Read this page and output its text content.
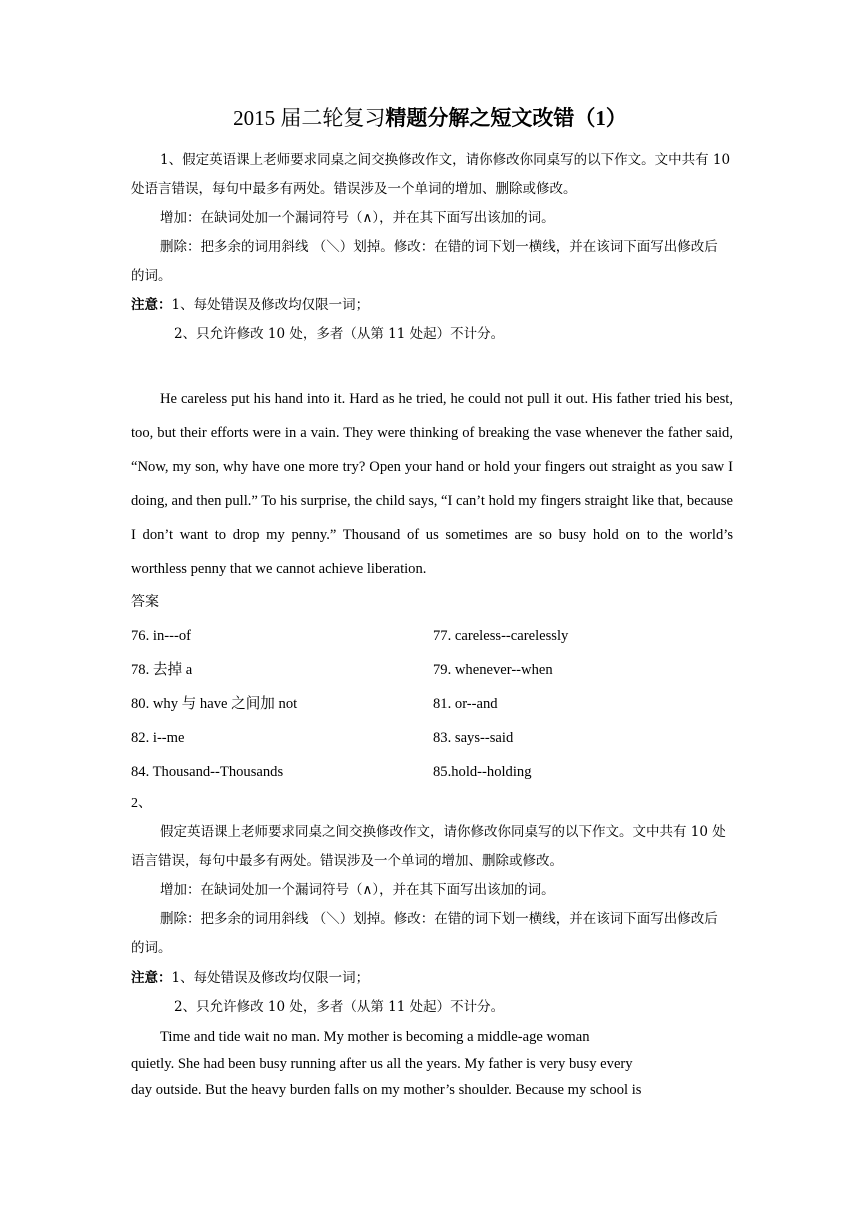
2015 届二轮复习精题分解之短文改错（1）
1、假定英语课上老师要求同桌之间交换修改作文，请你修改你同桌写的以下作文。文中共有 10 处语言错误，每句中最多有两处。错误涉及一个单词的增加、删除或修改。
增加：在缺词处加一个漏词符号（∧），并在其下面写出该加的词。
删除：把多余的词用斜线 （＼）划掉。修改：在错的词下划一横线，并在该词下面写出修改后的词。
注意：1、每处错误及修改均仅限一词；
2、只允许修改 10 处，多者（从第 11 处起）不计分。
He careless put his hand into it. Hard as he tried, he could not pull it out. His father tried his best, too, but their efforts were in a vain. They were thinking of breaking the vase whenever the father said, “Now, my son, why have one more try? Open your hand or hold your fingers out straight as you saw I doing, and then pull.” To his surprise, the child says, “I can’t hold my fingers straight like that, because I don’t want to drop my penny.” Thousand of us sometimes are so busy hold on to the world’s worthless penny that we cannot achieve liberation.
答案
76. in---of	77. careless--carelessly
78. 去掉 a	79. whenever--when
80. why 与 have 之间加 not	81. or--and
82. i--me	83. says--said
84. Thousand--Thousands	85.hold--holding
2、
假定英语课上老师要求同桌之间交换修改作文，请你修改你同桌写的以下作文。文中共有 10 处语言错误，每句中最多有两处。错误涉及一个单词的增加、删除或修改。
增加：在缺词处加一个漏词符号（∧），并在其下面写出该加的词。
删除：把多余的词用斜线 （＼）划掉。修改：在错的词下划一横线，并在该词下面写出修改后的词。
注意：1、每处错误及修改均仅限一词；
2、只允许修改 10 处，多者（从第 11 处起）不计分。
Time and tide wait no man. My mother is becoming a middle-age woman
quietly. She had been busy running after us all the years. My father is very busy every
day outside. But the heavy burden falls on my mother’s shoulder. Because my school is
